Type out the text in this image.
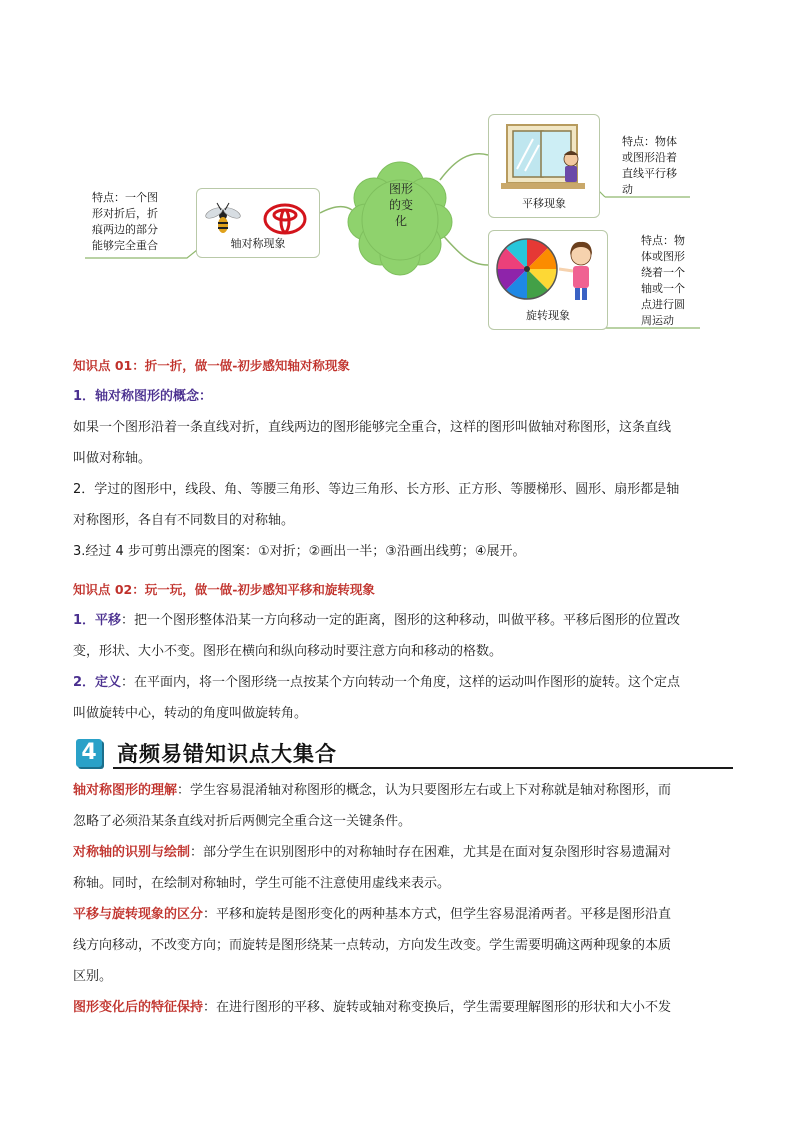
特点：一个图
形对折后，折
痕两边的部分
能够完全重合	轴对称现象
图形的变化
平移现象
特点：物体
或图形沿着
直线平行移
动
旋转现象
特点：物
体或图形
绕着一个
轴或一个
点进行圆
周运动
知识点 01：折一折，做一做-初步感知轴对称现象
1．轴对称图形的概念：
如果一个图形沿着一条直线对折，直线两边的图形能够完全重合，这样的图形叫做轴对称图形，这条直线
叫做对称轴。
2．学过的图形中，线段、角、等腰三角形、等边三角形、长方形、正方形、等腰梯形、圆形、扇形都是轴
对称图形，各自有不同数目的对称轴。
3.经过 4 步可剪出漂亮的图案：①对折；②画出一半；③沿画出线剪；④展开。
知识点 02：玩一玩，做一做-初步感知平移和旋转现象
1．平移：把一个图形整体沿某一方向移动一定的距离，图形的这种移动，叫做平移。平移后图形的位置改
变，形状、大小不变。图形在横向和纵向移动时要注意方向和移动的格数。
2．定义：在平面内，将一个图形绕一点按某个方向转动一个角度，这样的运动叫作图形的旋转。这个定点
叫做旋转中心，转动的角度叫做旋转角。
4 高频易错知识点大集合
轴对称图形的理解：学生容易混淆轴对称图形的概念，认为只要图形左右或上下对称就是轴对称图形，而
忽略了必须沿某条直线对折后两侧完全重合这一关键条件。
对称轴的识别与绘制：部分学生在识别图形中的对称轴时存在困难，尤其是在面对复杂图形时容易遗漏对
称轴。同时，在绘制对称轴时，学生可能不注意使用虚线来表示。
平移与旋转现象的区分：平移和旋转是图形变化的两种基本方式，但学生容易混淆两者。平移是图形沿直
线方向移动，不改变方向；而旋转是图形绕某一点转动，方向发生改变。学生需要明确这两种现象的本质
区别。
图形变化后的特征保持：在进行图形的平移、旋转或轴对称变换后，学生需要理解图形的形状和大小不发
